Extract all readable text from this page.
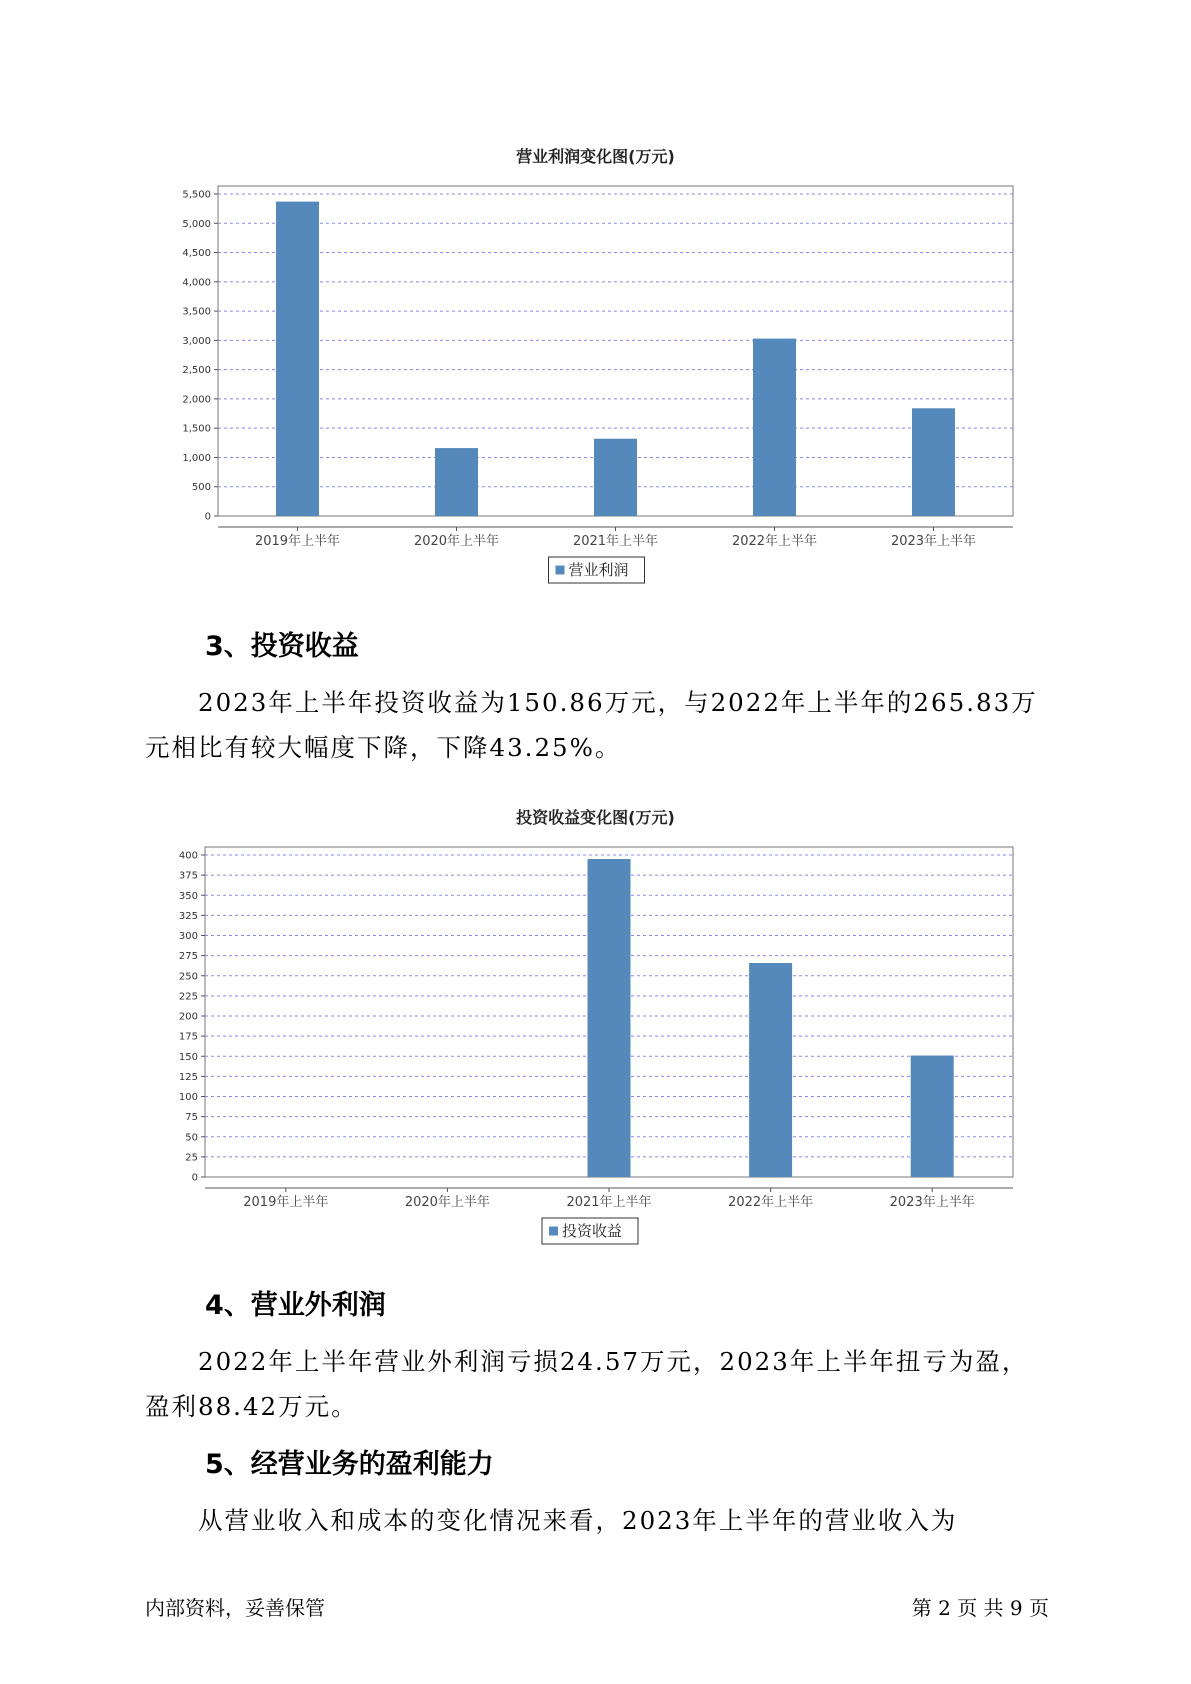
营业利润变化图(万元)
0
500
1,000
1,500
2,000
2,500
3,000
3,500
4,000
4,500
5,000
5,500
2019年上半年	2020年上半年	2021年上半年	2022年上半年	2023年上半年
营业利润
3、投资收益

2023年上半年投资收益为150.86万元，与2022年上半年的265.83万元相比有较大幅度下降，下降43.25%。

投资收益变化图(万元)
0
25
50
75
100
125
150
175
200
225
250
275
300
325
350
375
400
2019年上半年	2020年上半年	2021年上半年	2022年上半年	2023年上半年
投资收益
4、营业外利润

2022年上半年营业外利润亏损24.57万元，2023年上半年扭亏为盈，盈利88.42万元。

5、经营业务的盈利能力

从营业收入和成本的变化情况来看，2023年上半年的营业收入为

内部资料，妥善保管	第 2 页 共 9 页
